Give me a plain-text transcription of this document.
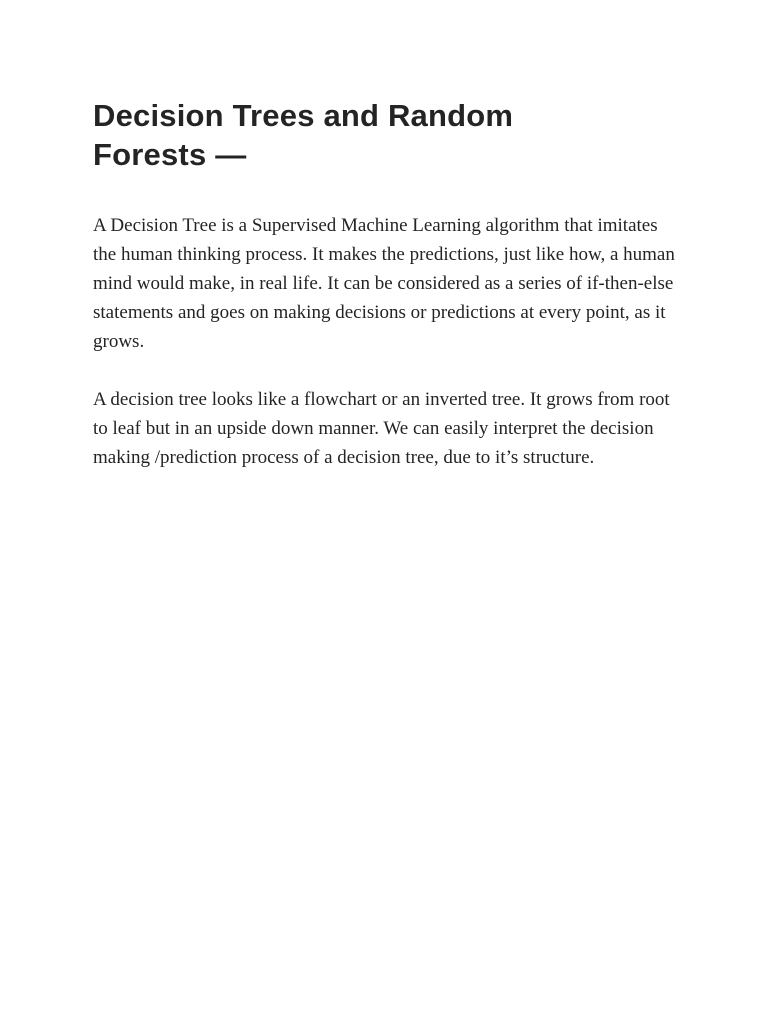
Decision Trees and Random Forests —

A Decision Tree is a Supervised Machine Learning algorithm that imitates the human thinking process. It makes the predictions, just like how, a human mind would make, in real life. It can be considered as a series of if-then-else statements and goes on making decisions or predictions at every point, as it grows.

A decision tree looks like a flowchart or an inverted tree. It grows from root to leaf but in an upside down manner. We can easily interpret the decision making /prediction process of a decision tree, due to it’s structure.
